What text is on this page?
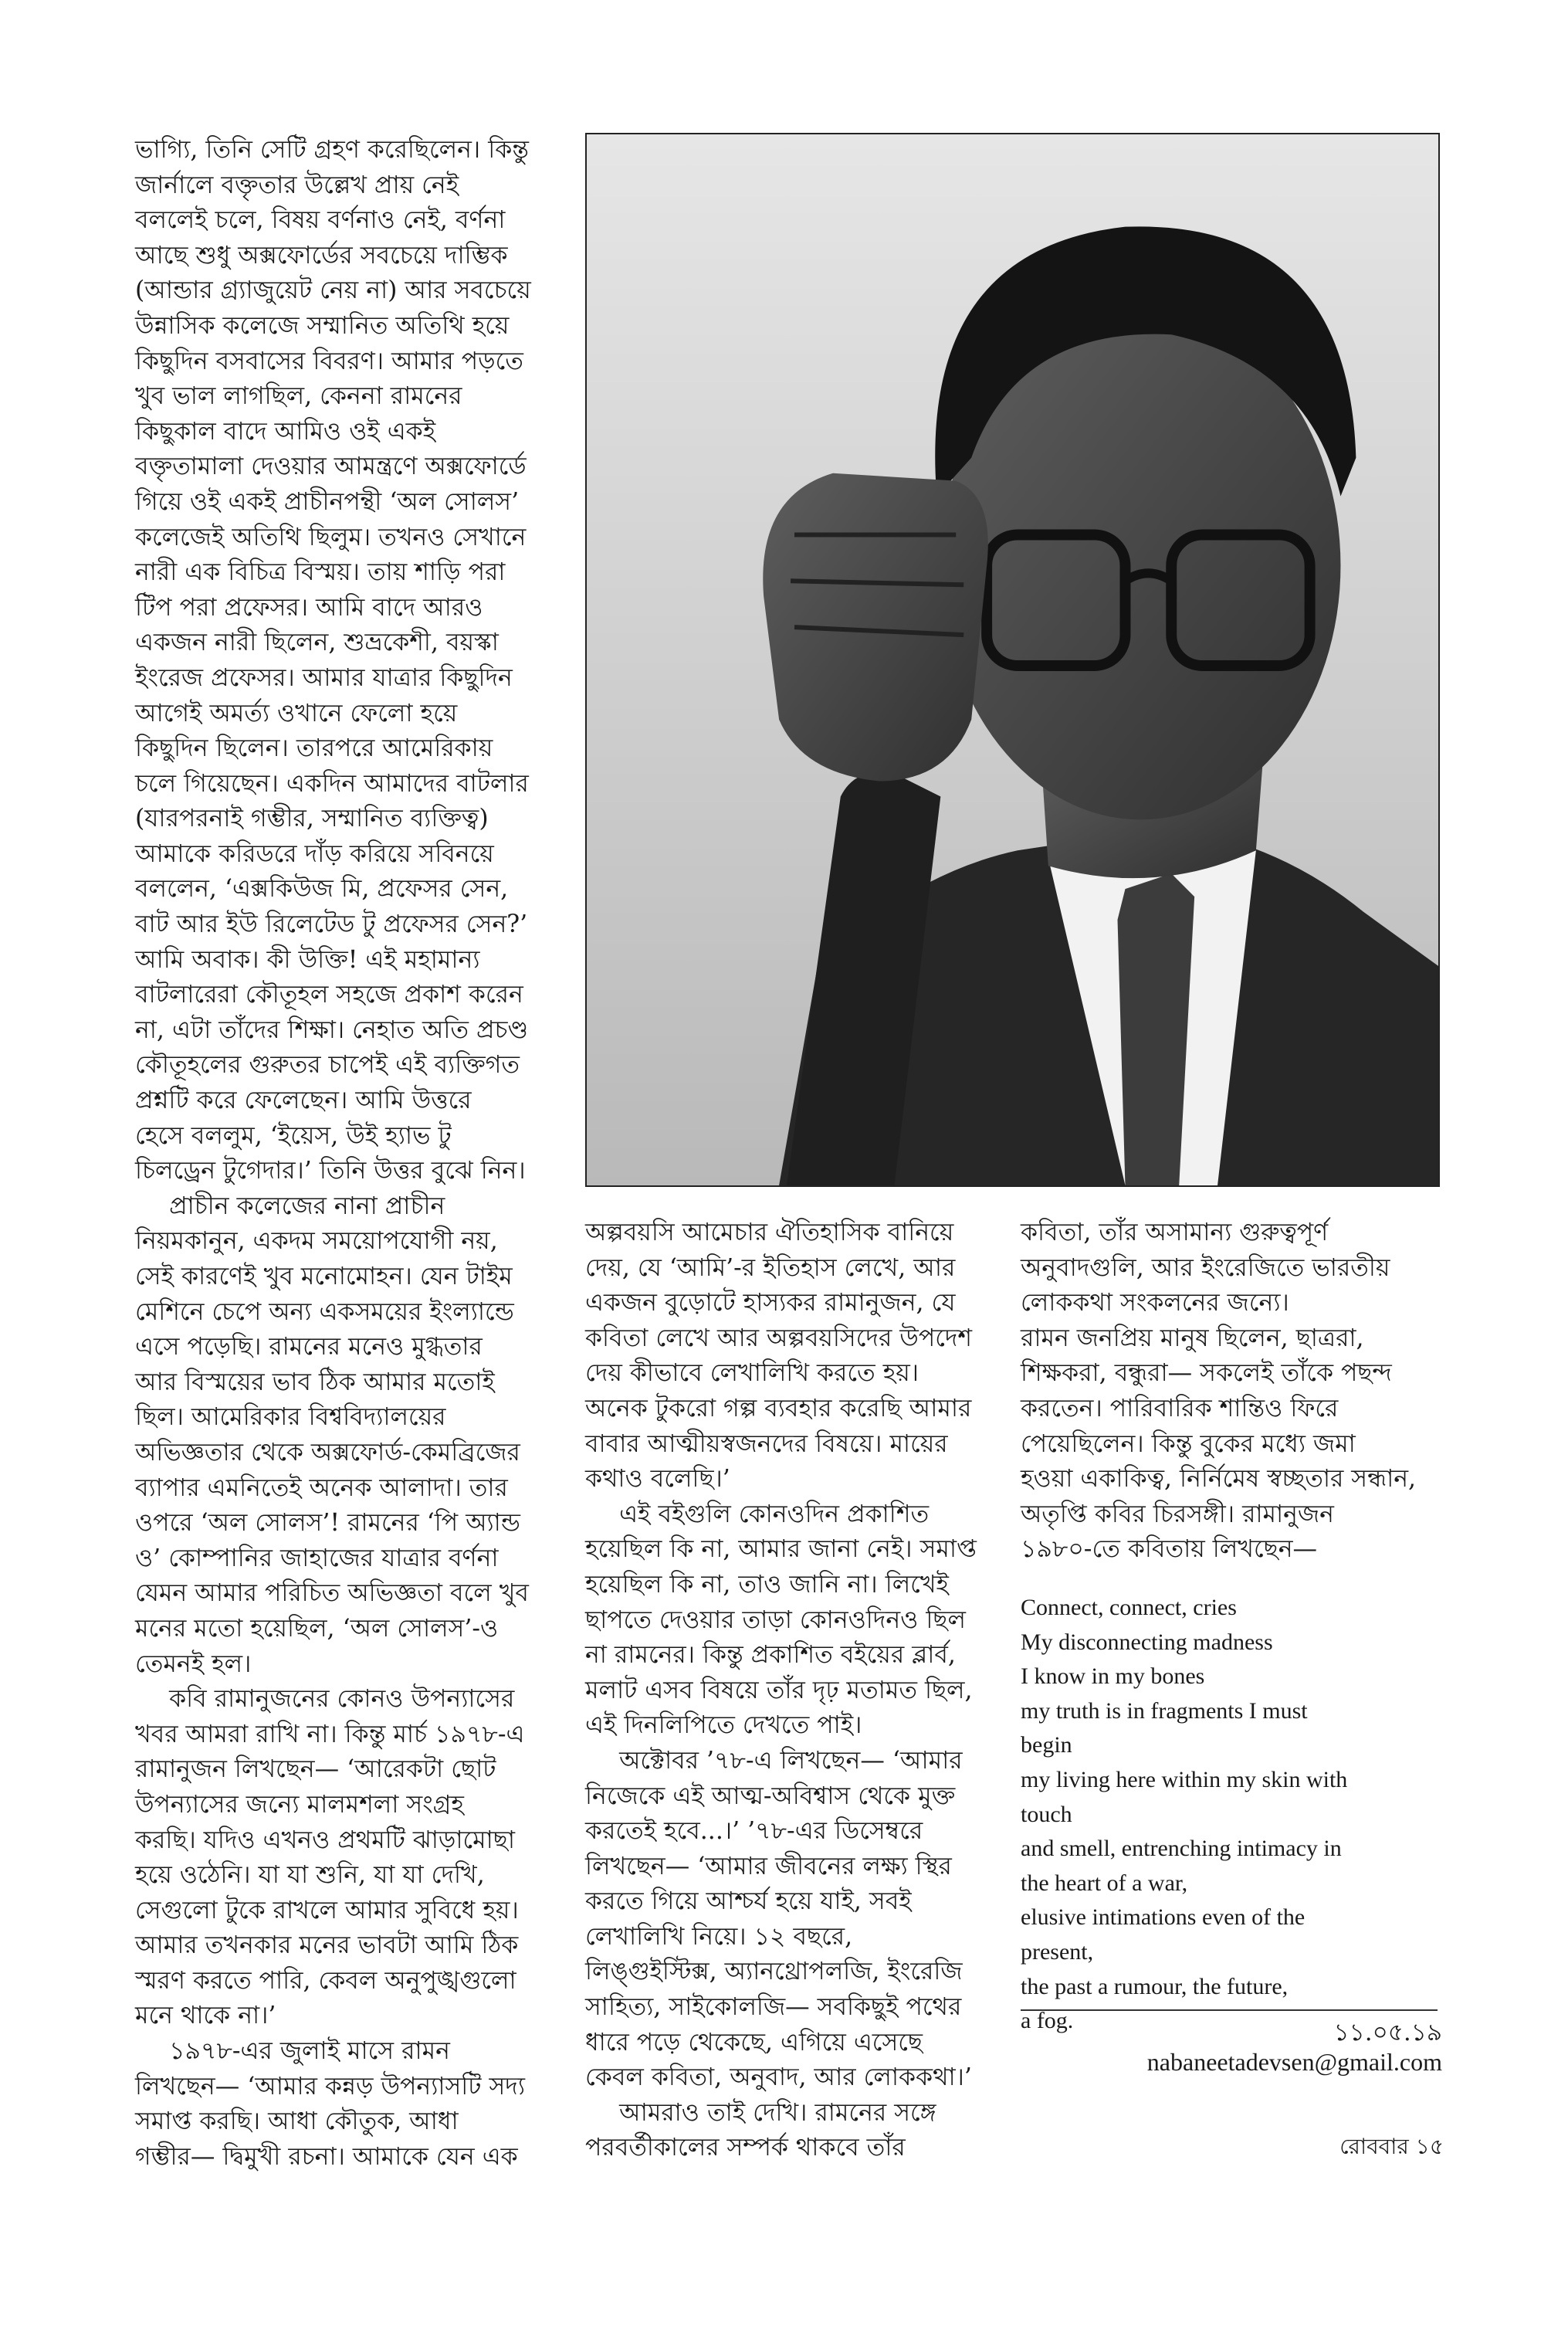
ভাগ্যি, তিনি সেটি গ্রহণ করেছিলেন। কিন্তু
জার্নালে বক্তৃতার উল্লেখ প্রায় নেই
বললেই চলে, বিষয় বর্ণনাও নেই, বর্ণনা
আছে শুধু অক্সফোর্ডের সবচেয়ে দাম্ভিক
(আন্ডার গ্র্যাজুয়েট নেয় না) আর সবচেয়ে
উন্নাসিক কলেজে সম্মানিত অতিথি হয়ে
কিছুদিন বসবাসের বিবরণ। আমার পড়তে
খুব ভাল লাগছিল, কেননা রামনের
কিছুকাল বাদে আমিও ওই একই
বক্তৃতামালা দেওয়ার আমন্ত্রণে অক্সফোর্ডে
গিয়ে ওই একই প্রাচীনপন্থী ‘অল সোলস’
কলেজেই অতিথি ছিলুম। তখনও সেখানে
নারী এক বিচিত্র বিস্ময়। তায় শাড়ি পরা
টিপ পরা প্রফেসর। আমি বাদে আরও
একজন নারী ছিলেন, শুভ্রকেশী, বয়স্কা
ইংরেজ প্রফেসর। আমার যাত্রার কিছুদিন
আগেই অমর্ত্য ওখানে ফেলো হয়ে
কিছুদিন ছিলেন। তারপরে আমেরিকায়
চলে গিয়েছেন। একদিন আমাদের বাটলার
(যারপরনাই গম্ভীর, সম্মানিত ব্যক্তিত্ব)
আমাকে করিডরে দাঁড় করিয়ে সবিনয়ে
বললেন, ‘এক্সকিউজ মি, প্রফেসর সেন,
বাট আর ইউ রিলেটেড টু প্রফেসর সেন?’
আমি অবাক। কী উক্তি! এই মহামান্য
বাটলারেরা কৌতূহল সহজে প্রকাশ করেন
না, এটা তাঁদের শিক্ষা। নেহাত অতি প্রচণ্ড
কৌতূহলের গুরুতর চাপেই এই ব্যক্তিগত
প্রশ্নটি করে ফেলেছেন। আমি উত্তরে
হেসে বললুম, ‘ইয়েস, উই হ্যাভ টু
চিলড্রেন টুগেদার।’ তিনি উত্তর বুঝে নিন।

প্রাচীন কলেজের নানা প্রাচীন
নিয়মকানুন, একদম সময়োপযোগী নয়,
সেই কারণেই খুব মনোমোহন। যেন টাইম
মেশিনে চেপে অন্য একসময়ের ইংল্যান্ডে
এসে পড়েছি। রামনের মনেও মুগ্ধতার
আর বিস্ময়ের ভাব ঠিক আমার মতোই
ছিল। আমেরিকার বিশ্ববিদ্যালয়ের
অভিজ্ঞতার থেকে অক্সফোর্ড-কেমব্রিজের
ব্যাপার এমনিতেই অনেক আলাদা। তার
ওপরে ‘অল সোলস’! রামনের ‘পি অ্যান্ড
ও’ কোম্পানির জাহাজের যাত্রার বর্ণনা
যেমন আমার পরিচিত অভিজ্ঞতা বলে খুব
মনের মতো হয়েছিল, ‘অল সোলস’-ও
তেমনই হল।

কবি রামানুজনের কোনও উপন্যাসের
খবর আমরা রাখি না। কিন্তু মার্চ ১৯৭৮-এ
রামানুজন লিখছেন— ‘আরেকটা ছোট
উপন্যাসের জন্যে মালমশলা সংগ্রহ
করছি। যদিও এখনও প্রথমটি ঝাড়ামোছা
হয়ে ওঠেনি। যা যা শুনি, যা যা দেখি,
সেগুলো টুকে রাখলে আমার সুবিধে হয়।
আমার তখনকার মনের ভাবটা আমি ঠিক
স্মরণ করতে পারি, কেবল অনুপুঙ্খগুলো
মনে থাকে না।’

১৯৭৮-এর জুলাই মাসে রামন
লিখছেন— ‘আমার কন্নড় উপন্যাসটি সদ্য
সমাপ্ত করছি। আধা কৌতুক, আধা
গম্ভীর— দ্বিমুখী রচনা। আমাকে যেন এক

অল্পবয়সি আমেচার ঐতিহাসিক বানিয়ে
দেয়, যে ‘আমি’-র ইতিহাস লেখে, আর
একজন বুড়োটে হাস্যকর রামানুজন, যে
কবিতা লেখে আর অল্পবয়সিদের উপদেশ
দেয় কীভাবে লেখালিখি করতে হয়।
অনেক টুকরো গল্প ব্যবহার করেছি আমার
বাবার আত্মীয়স্বজনদের বিষয়ে। মায়ের
কথাও বলেছি।’

এই বইগুলি কোনওদিন প্রকাশিত
হয়েছিল কি না, আমার জানা নেই। সমাপ্ত
হয়েছিল কি না, তাও জানি না। লিখেই
ছাপতে দেওয়ার তাড়া কোনওদিনও ছিল
না রামনের। কিন্তু প্রকাশিত বইয়ের ব্লার্ব,
মলাট এসব বিষয়ে তাঁর দৃঢ় মতামত ছিল,
এই দিনলিপিতে দেখতে পাই।

অক্টোবর ’৭৮-এ লিখছেন— ‘আমার
নিজেকে এই আত্ম-অবিশ্বাস থেকে মুক্ত
করতেই হবে...।’ ’৭৮-এর ডিসেম্বরে
লিখছেন— ‘আমার জীবনের লক্ষ্য স্থির
করতে গিয়ে আশ্চর্য হয়ে যাই, সবই
লেখালিখি নিয়ে। ১২ বছরে,
লিঙ্গুইস্টিক্স, অ্যানথ্রোপলজি, ইংরেজি
সাহিত্য, সাইকোলজি— সবকিছুই পথের
ধারে পড়ে থেকেছে, এগিয়ে এসেছে
কেবল কবিতা, অনুবাদ, আর লোককথা।’

আমরাও তাই দেখি। রামনের সঙ্গে
পরবর্তীকালের সম্পর্ক থাকবে তাঁর

কবিতা, তাঁর অসামান্য গুরুত্বপূর্ণ
অনুবাদগুলি, আর ইংরেজিতে ভারতীয়
লোককথা সংকলনের জন্যে।
রামন জনপ্রিয় মানুষ ছিলেন, ছাত্ররা,
শিক্ষকরা, বন্ধুরা— সকলেই তাঁকে পছন্দ
করতেন। পারিবারিক শান্তিও ফিরে
পেয়েছিলেন। কিন্তু বুকের মধ্যে জমা
হওয়া একাকিত্ব, নির্নিমেষ স্বচ্ছতার সন্ধান,
অতৃপ্তি কবির চিরসঙ্গী। রামানুজন
১৯৮০-তে কবিতায় লিখছেন—

Connect, connect, cries
My disconnecting madness
I know in my bones
my truth is in fragments I must
begin
my living here within my skin with
touch
and smell, entrenching intimacy in
the heart of a war,
elusive intimations even of the
present,
the past a rumour, the future,
a fog.	১১.০৫.১৯
nabaneetadevsen@gmail.com
রোববার ১৫
